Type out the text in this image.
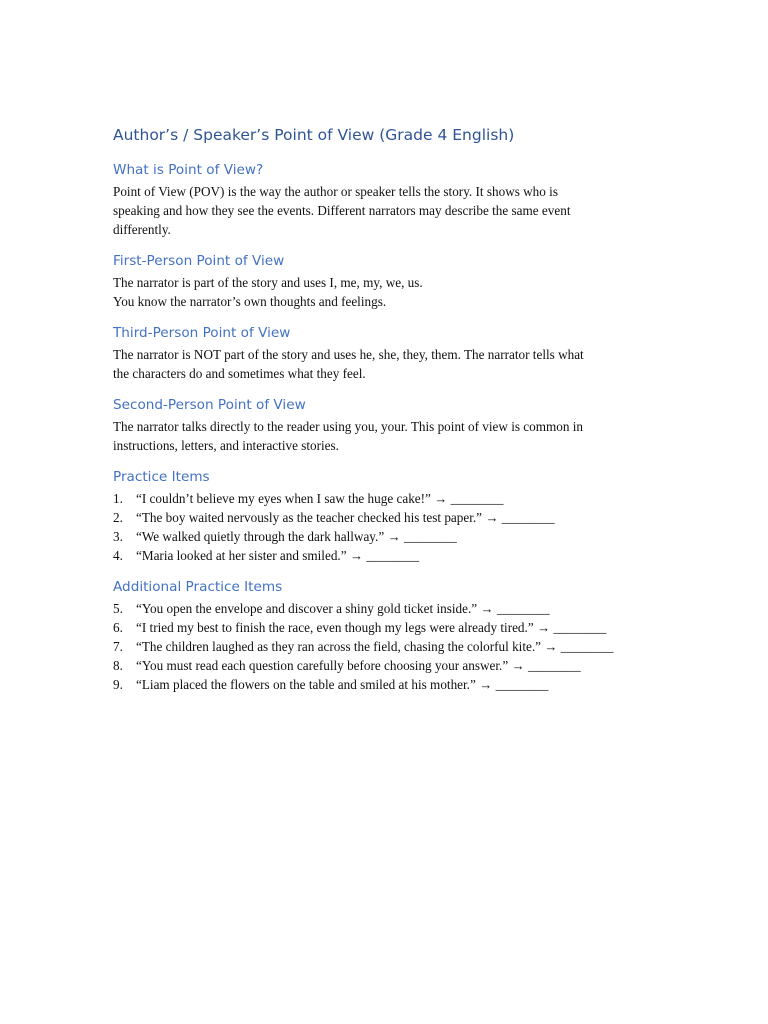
Author’s / Speaker’s Point of View (Grade 4 English)
What is Point of View?

Point of View (POV) is the way the author or speaker tells the story. It shows who is
speaking and how they see the events. Different narrators may describe the same event
differently.

First-Person Point of View

The narrator is part of the story and uses I, me, my, we, us.
You know the narrator’s own thoughts and feelings.

Third-Person Point of View

The narrator is NOT part of the story and uses he, she, they, them. The narrator tells what
the characters do and sometimes what they feel.

Second-Person Point of View

The narrator talks directly to the reader using you, your. This point of view is common in
instructions, letters, and interactive stories.

Practice Items
1. “I couldn’t believe my eyes when I saw the huge cake!” → ________
2. “The boy waited nervously as the teacher checked his test paper.” → ________
3. “We walked quietly through the dark hallway.” → ________
4. “Maria looked at her sister and smiled.” → ________
Additional Practice Items
5. “You open the envelope and discover a shiny gold ticket inside.” → ________
6. “I tried my best to finish the race, even though my legs were already tired.” → ________
7. “The children laughed as they ran across the field, chasing the colorful kite.” → ________
8. “You must read each question carefully before choosing your answer.” → ________
9. “Liam placed the flowers on the table and smiled at his mother.” → ________
